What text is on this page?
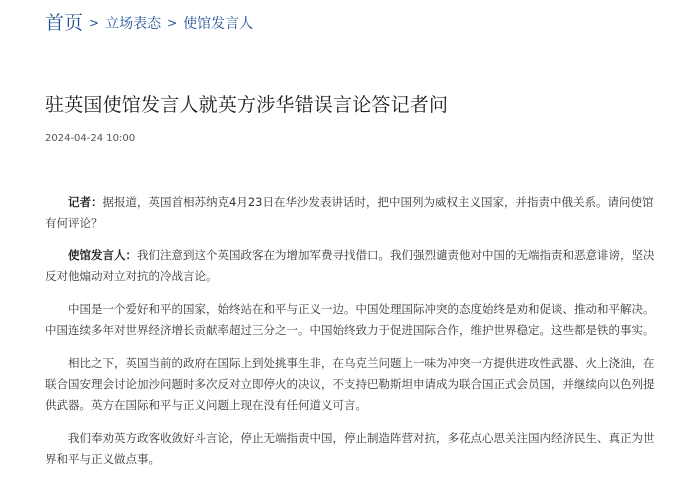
首页 > 立场表态 > 使馆发言人
驻英国使馆发言人就英方涉华错误言论答记者问
2024-04-24 10:00

记者：据报道，英国首相苏纳克4月23日在华沙发表讲话时，把中国列为威权主义国家，并指责中俄关系。请问使馆有何评论？

使馆发言人：我们注意到这个英国政客在为增加军费寻找借口。我们强烈谴责他对中国的无端指责和恶意诽谤，坚决反对他煽动对立对抗的冷战言论。

中国是一个爱好和平的国家，始终站在和平与正义一边。中国处理国际冲突的态度始终是劝和促谈、推动和平解决。中国连续多年对世界经济增长贡献率超过三分之一。中国始终致力于促进国际合作，维护世界稳定。这些都是铁的事实。

相比之下，英国当前的政府在国际上到处挑事生非，在乌克兰问题上一味为冲突一方提供进攻性武器、火上浇油，在联合国安理会讨论加沙问题时多次反对立即停火的决议，不支持巴勒斯坦申请成为联合国正式会员国，并继续向以色列提供武器。英方在国际和平与正义问题上现在没有任何道义可言。

我们奉劝英方政客收敛好斗言论，停止无端指责中国，停止制造阵营对抗，多花点心思关注国内经济民生、真正为世界和平与正义做点事。
